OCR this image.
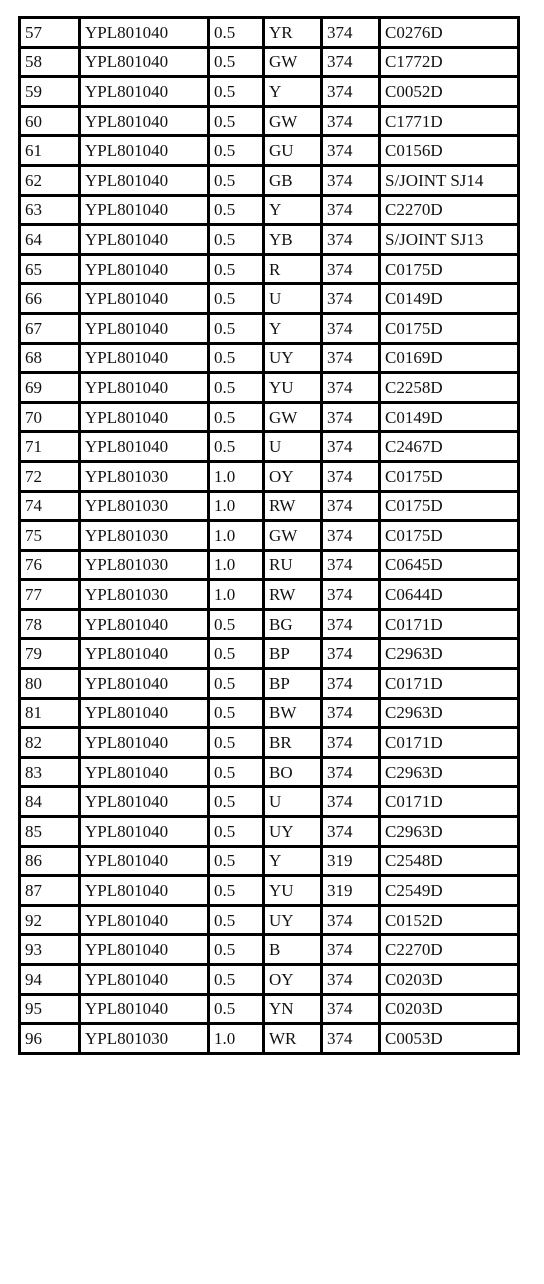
57	YPL801040	0.5	YR	374	C0276D
58	YPL801040	0.5	GW	374	C1772D
59	YPL801040	0.5	Y	374	C0052D
60	YPL801040	0.5	GW	374	C1771D
61	YPL801040	0.5	GU	374	C0156D
62	YPL801040	0.5	GB	374	S/JOINT SJ14
63	YPL801040	0.5	Y	374	C2270D
64	YPL801040	0.5	YB	374	S/JOINT SJ13
65	YPL801040	0.5	R	374	C0175D
66	YPL801040	0.5	U	374	C0149D
67	YPL801040	0.5	Y	374	C0175D
68	YPL801040	0.5	UY	374	C0169D
69	YPL801040	0.5	YU	374	C2258D
70	YPL801040	0.5	GW	374	C0149D
71	YPL801040	0.5	U	374	C2467D
72	YPL801030	1.0	OY	374	C0175D
74	YPL801030	1.0	RW	374	C0175D
75	YPL801030	1.0	GW	374	C0175D
76	YPL801030	1.0	RU	374	C0645D
77	YPL801030	1.0	RW	374	C0644D
78	YPL801040	0.5	BG	374	C0171D
79	YPL801040	0.5	BP	374	C2963D
80	YPL801040	0.5	BP	374	C0171D
81	YPL801040	0.5	BW	374	C2963D
82	YPL801040	0.5	BR	374	C0171D
83	YPL801040	0.5	BO	374	C2963D
84	YPL801040	0.5	U	374	C0171D
85	YPL801040	0.5	UY	374	C2963D
86	YPL801040	0.5	Y	319	C2548D
87	YPL801040	0.5	YU	319	C2549D
92	YPL801040	0.5	UY	374	C0152D
93	YPL801040	0.5	B	374	C2270D
94	YPL801040	0.5	OY	374	C0203D
95	YPL801040	0.5	YN	374	C0203D
96	YPL801030	1.0	WR	374	C0053D
